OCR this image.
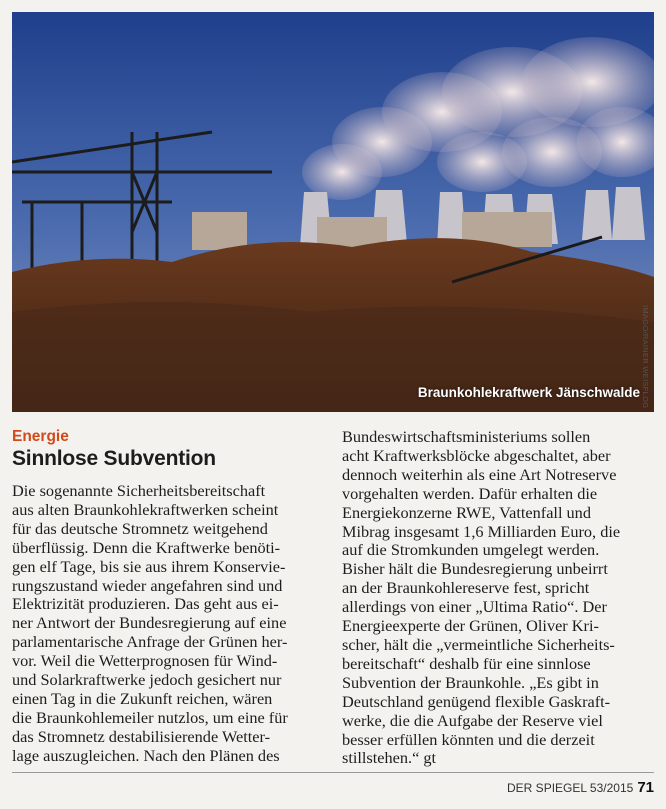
Braunkohlekraftwerk Jänschwalde IMAGO/RAINER WEISFLOG
Energie
Sinnlose Subvention
Die sogenannte Sicherheitsbereitschaft
aus alten Braunkohlekraftwerken scheint
für das deutsche Stromnetz weitgehend
überflüssig. Denn die Kraftwerke benöti-
gen elf Tage, bis sie aus ihrem Konservie-
rungszustand wieder angefahren sind und
Elektrizität produzieren. Das geht aus ei-
ner Antwort der Bundesregierung auf eine
parlamentarische Anfrage der Grünen her-
vor. Weil die Wetterprognosen für Wind-
und Solarkraftwerke jedoch gesichert nur
einen Tag in die Zukunft reichen, wären
die Braunkohlemeiler nutzlos, um eine für
das Stromnetz destabilisierende Wetter-
lage auszugleichen. Nach den Plänen des
Bundeswirtschaftsministeriums sollen
acht Kraftwerksblöcke abgeschaltet, aber
dennoch weiterhin als eine Art Notreserve
vorgehalten werden. Dafür erhalten die
Energiekonzerne RWE, Vattenfall und
Mibrag insgesamt 1,6 Milliarden Euro, die
auf die Stromkunden umgelegt werden.
Bisher hält die Bundesregierung unbeirrt
an der Braunkohlereserve fest, spricht
allerdings von einer „Ultima Ratio“. Der
Energieexperte der Grünen, Oliver Kri-
scher, hält die „vermeintliche Sicherheits-
bereitschaft“ deshalb für eine sinnlose
Subvention der Braunkohle. „Es gibt in
Deutschland genügend flexible Gaskraft-
werke, die die Aufgabe der Reserve viel
besser erfüllen könnten und die derzeit
stillstehen.“ gt
DER SPIEGEL 53/2015 71
